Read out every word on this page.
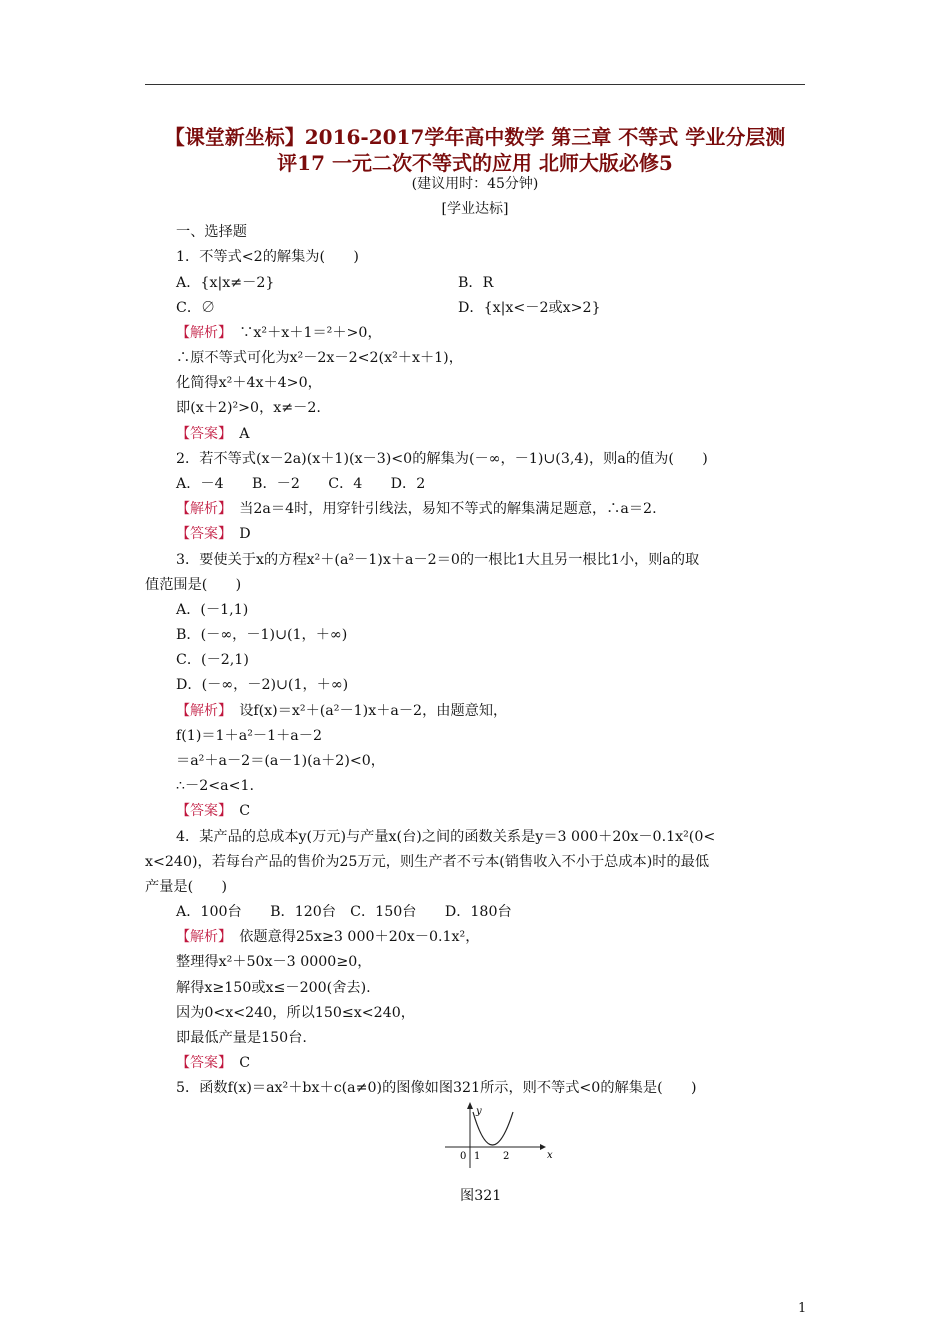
【课堂新坐标】2016-2017学年高中数学 第三章 不等式 学业分层测

评17 一元二次不等式的应用 北师大版必修5

(建议用时：45分钟)

[学业达标]

一、选择题

1．不等式<2的解集为(　　)

A．{x|x≠－2}	B．R

C．∅	D．{x|x<－2或x>2}

【解析】　 ∵x²＋x＋1＝²＋>0，

∴原不等式可化为x²－2x－2<2(x²＋x＋1)，

化简得x²＋4x＋4>0，

即(x＋2)²>0，x≠－2.

【答案】　 A

2．若不等式(x－2a)(x＋1)(x－3)<0的解集为(－∞，－1)∪(3,4)，则a的值为(　　)

A．－4　　B．－2　　C．4　　D．2

【解析】　 当2a＝4时，用穿针引线法，易知不等式的解集满足题意，∴a＝2.

【答案】　 D

3．要使关于x的方程x²＋(a²－1)x＋a－2＝0的一根比1大且另一根比1小，则a的取

值范围是(　　)

A．(－1,1)

B．(－∞，－1)∪(1，＋∞)

C．(－2,1)

D．(－∞，－2)∪(1，＋∞)

【解析】　 设f(x)＝x²＋(a²－1)x＋a－2，由题意知，

f(1)＝1＋a²－1＋a－2

＝a²＋a－2＝(a－1)(a＋2)<0，

∴－2<a<1.

【答案】　 C

4．某产品的总成本y(万元)与产量x(台)之间的函数关系是y＝3 000＋20x－0.1x²(0<

x<240)，若每台产品的售价为25万元，则生产者不亏本(销售收入不小于总成本)时的最低

产量是(　　)

A．100台　　B．120台　C．150台　　D．180台

【解析】　 依题意得25x≥3 000＋20x－0.1x²，

整理得x²＋50x－3 0000≥0，

解得x≥150或x≤－200(舍去).

因为0<x<240，所以150≤x<240，

即最低产量是150台.

【答案】　 C

5．函数f(x)＝ax²＋bx＋c(a≠0)的图像如图321所示，则不等式<0的解集是(　　)

y
x
0 1 2

图321

1
